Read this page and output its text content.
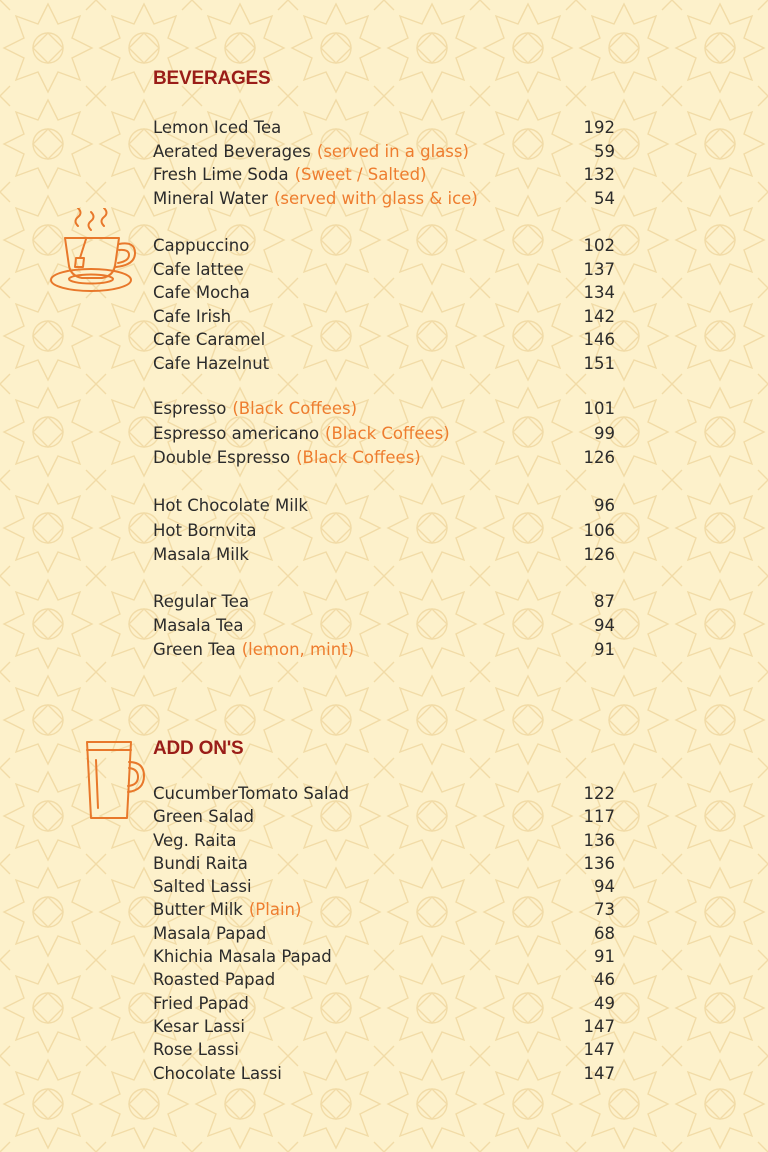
BEVERAGES
Lemon Iced Tea	192
Aerated Beverages (served in a glass)	59
Fresh Lime Soda (Sweet / Salted)	132
Mineral Water (served with glass & ice)	54
Cappuccino	102
Cafe lattee	137
Cafe Mocha	134
Cafe Irish	142
Cafe Caramel	146
Cafe Hazelnut	151
Espresso (Black Coffees)	101
Espresso americano (Black Coffees)	99
Double Espresso (Black Coffees)	126
Hot Chocolate Milk	96
Hot Bornvita	106
Masala Milk	126
Regular Tea	87
Masala Tea	94
Green Tea (lemon, mint)	91
ADD ON'S
CucumberTomato Salad	122
Green Salad	117
Veg. Raita	136
Bundi Raita	136
Salted Lassi	94
Butter Milk (Plain)	73
Masala Papad	68
Khichia Masala Papad	91
Roasted Papad	46
Fried Papad	49
Kesar Lassi	147
Rose Lassi	147
Chocolate Lassi	147
